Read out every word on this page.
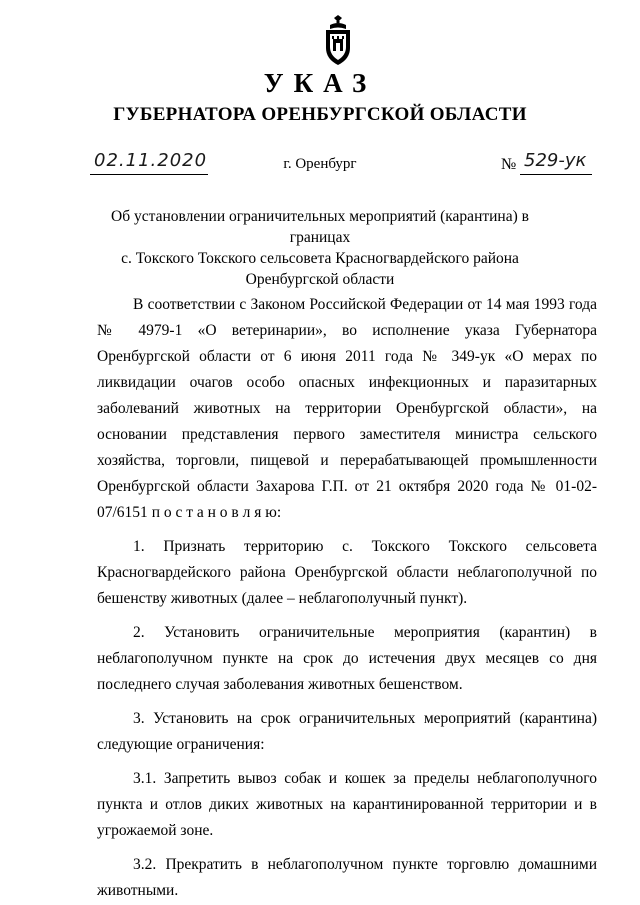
УКАЗ
ГУБЕРНАТОРА ОРЕНБУРГСКОЙ ОБЛАСТИ
02.11.2020	г. Оренбург	№ 529-ук
Об установлении ограничительных мероприятий (карантина) в границах
с. Токского Токского сельсовета Красногвардейского района
Оренбургской области

В соответствии с Законом Российской Федерации от 14 мая 1993 года № 4979-1 «О ветеринарии», во исполнение указа Губернатора Оренбургской области от 6 июня 2011 года № 349-ук «О мерах по ликвидации очагов особо опасных инфекционных и паразитарных заболеваний животных на территории Оренбургской области», на основании представления первого заместителя министра сельского хозяйства, торговли, пищевой и перерабатывающей промышленности Оренбургской области Захарова Г.П. от 21 октября 2020 года № 01-02-07/6151 п о с т а н о в л я ю:

1. Признать территорию с. Токского Токского сельсовета Красногвардейского района Оренбургской области неблагополучной по бешенству животных (далее – неблагополучный пункт).

2. Установить ограничительные мероприятия (карантин) в неблагополучном пункте на срок до истечения двух месяцев со дня последнего случая заболевания животных бешенством.

3. Установить на срок ограничительных мероприятий (карантина) следующие ограничения:

3.1. Запретить вывоз собак и кошек за пределы неблагополучного пункта и отлов диких животных на карантинированной территории и в угрожаемой зоне.

3.2. Прекратить в неблагополучном пункте торговлю домашними животными.
